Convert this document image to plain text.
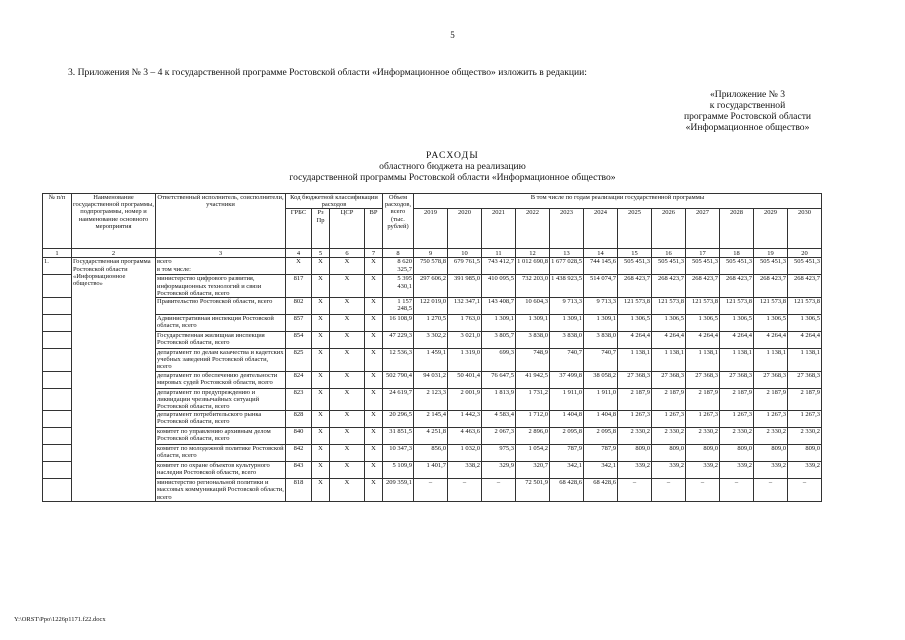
5
3. Приложения № 3 – 4 к государственной программе Ростовской области «Информационное общество» изложить в редакции:
«Приложение № 3
к государственной
программе Ростовской области
«Информационное общество»
РАСХОДЫ
областного бюджета на реализацию
государственной программы Ростовской области «Информационное общество»
№ п/п	Наименование государственной программы, подпрограммы, номер и наименование основного мероприятия	Ответственный исполнитель, соисполнители, участники	Код бюджетной классификации расходов				Объем расходов, всего (тыс. рублей)	В том числе по годам реализации государственной программы											
			ГРБС	Рз Пр	ЦСР	ВР		2019	2020	2021	2022	2023	2024	2025	2026	2027	2028	2029	2030
1	2	3	4	5	6	7	8	9	10	11	12	13	14	15	16	17	18	19	20
1.	Государственная программа Ростовской области «Информационное общество»	всего
в том числе:	X	X	X	X	8 620 325,7	750 578,8	679 761,5	743 412,7	1 012 690,8	1 677 028,5	744 145,6	505 451,3	505 451,3	505 451,3	505 451,3	505 451,3	505 451,3

		министерство цифрового развития, информационных технологий и связи Ростовской области, всего	817	X	X	X	5 395 430,1	297 606,2	391 985,0	410 095,5	732 203,0	1 438 923,5	514 074,7	268 423,7	268 423,7	268 423,7	268 423,7	268 423,7	268 423,7

		Правительство Ростовской области, всего	802	X	X	X	1 157 248,5	122 019,0	132 347,1	143 408,7	10 604,3	9 713,3	9 713,3	121 573,8	121 573,8	121 573,8	121 573,8	121 573,8	121 573,8

		Административная инспекция Ростовской области, всего	857	X	X	X	16 108,9	1 270,5	1 763,0	1 309,1	1 309,1	1 309,1	1 309,1	1 306,5	1 306,5	1 306,5	1 306,5	1 306,5	1 306,5

		Государственная жилищная инспекция Ростовской области, всего	854	X	X	X	47 229,3	3 302,2	3 021,0	3 805,7	3 838,0	3 838,0	3 838,0	4 264,4	4 264,4	4 264,4	4 264,4	4 264,4	4 264,4

		департамент по делам казачества и кадетских учебных заведений Ростовской области, всего	825	X	X	X	12 536,3	1 459,1	1 319,0	699,3	748,9	740,7	740,7	1 138,1	1 138,1	1 138,1	1 138,1	1 138,1	1 138,1

		департамент по обеспечению деятельности мировых судей Ростовской области, всего	824	X	X	X	502 790,4	94 031,2	50 401,4	76 647,5	41 942,5	37 499,8	38 058,2	27 368,3	27 368,3	27 368,3	27 368,3	27 368,3	27 368,3

		департамент по предупреждению и ликвидации чрезвычайных ситуаций Ростовской области, всего	823	X	X	X	24 619,7	2 123,3	2 001,9	1 813,9	1 731,2	1 911,0	1 911,0	2 187,9	2 187,9	2 187,9	2 187,9	2 187,9	2 187,9

		департамент потребительского рынка Ростовской области, всего	828	X	X	X	20 296,5	2 145,4	1 442,3	4 583,4	1 712,0	1 404,8	1 404,8	1 267,3	1 267,3	1 267,3	1 267,3	1 267,3	1 267,3

		комитет по управлению архивным делом Ростовской области, всего	840	X	X	X	31 851,5	4 251,8	4 463,6	2 067,3	2 896,0	2 095,8	2 095,8	2 330,2	2 330,2	2 330,2	2 330,2	2 330,2	2 330,2

		комитет по молодежной политике Ростовской области, всего	842	X	X	X	10 347,3	856,0	1 032,0	975,3	1 054,2	787,9	787,9	809,0	809,0	809,0	809,0	809,0	809,0

		комитет по охране объектов культурного наследия Ростовской области, всего	843	X	X	X	5 109,9	1 401,7	338,2	329,9	320,7	342,1	342,1	339,2	339,2	339,2	339,2	339,2	339,2

		министерство региональной политики и массовых коммуникаций Ростовской области, всего	818	X	X	X	209 359,1	–	–	–	72 501,9	68 428,6	68 428,6	–	–	–	–	–	–
Y:\ORST\Ppo\1226p1171.f22.docx
